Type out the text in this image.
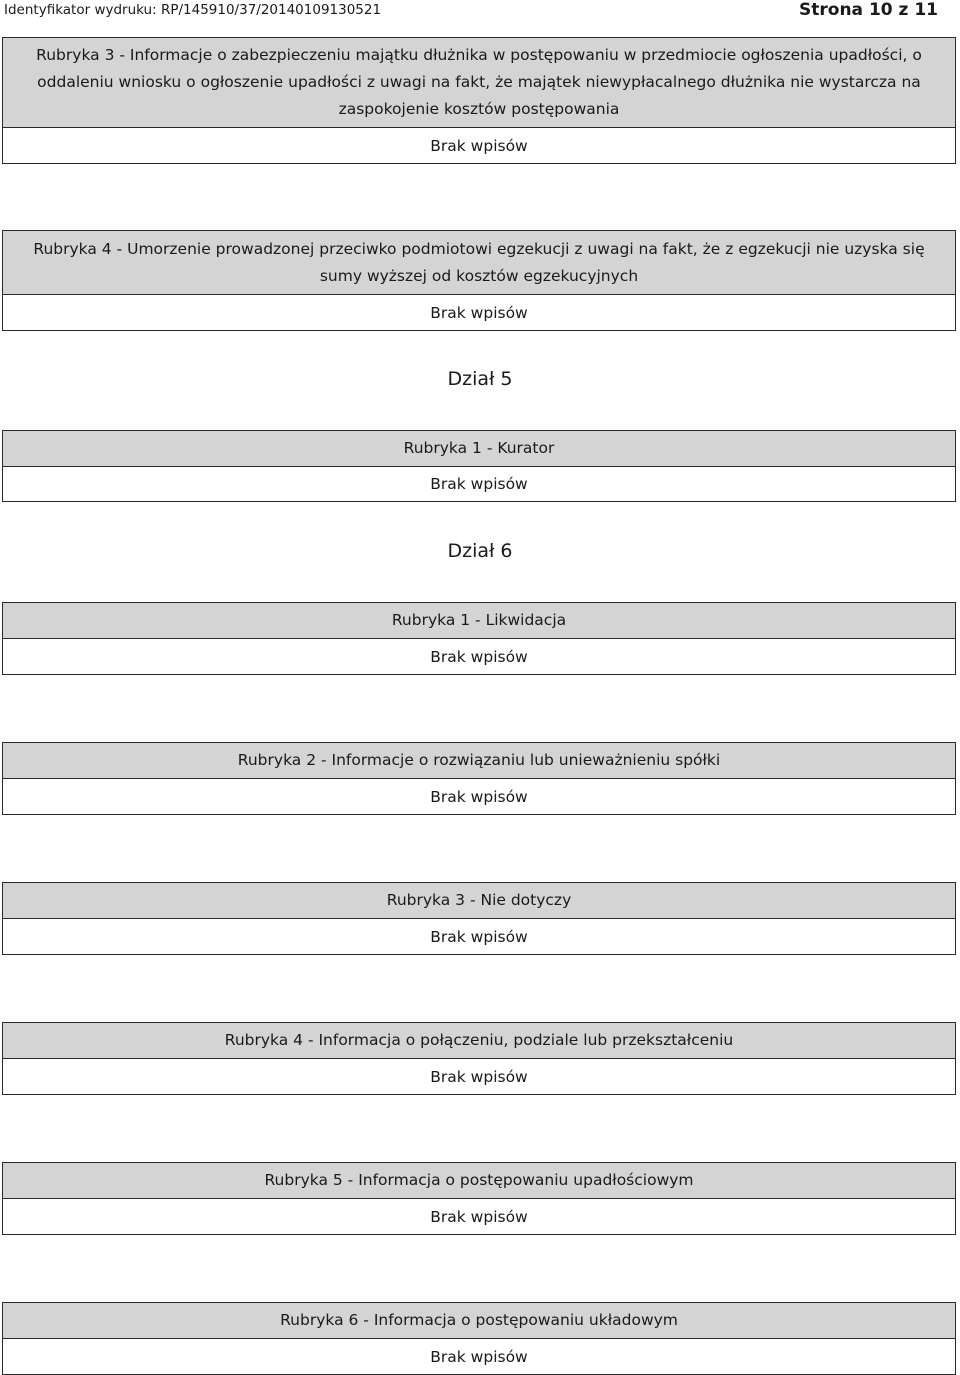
Identyfikator wydruku: RP/145910/37/20140109130521	Strona 10 z 11
Rubryka 3 - Informacje o zabezpieczeniu majątku dłużnika w postępowaniu w przedmiocie ogłoszenia upadłości, o
oddaleniu wniosku o ogłoszenie upadłości z uwagi na fakt, że majątek niewypłacalnego dłużnika nie wystarcza na
zaspokojenie kosztów postępowania
Brak wpisów
Rubryka 4 - Umorzenie prowadzonej przeciwko podmiotowi egzekucji z uwagi na fakt, że z egzekucji nie uzyska się
sumy wyższej od kosztów egzekucyjnych
Brak wpisów
Dział 5
Rubryka 1 - Kurator
Brak wpisów
Dział 6
Rubryka 1 - Likwidacja
Brak wpisów
Rubryka 2 - Informacje o rozwiązaniu lub unieważnieniu spółki
Brak wpisów
Rubryka 3 - Nie dotyczy
Brak wpisów
Rubryka 4 - Informacja o połączeniu, podziale lub przekształceniu
Brak wpisów
Rubryka 5 - Informacja o postępowaniu upadłościowym
Brak wpisów
Rubryka 6 - Informacja o postępowaniu układowym
Brak wpisów
